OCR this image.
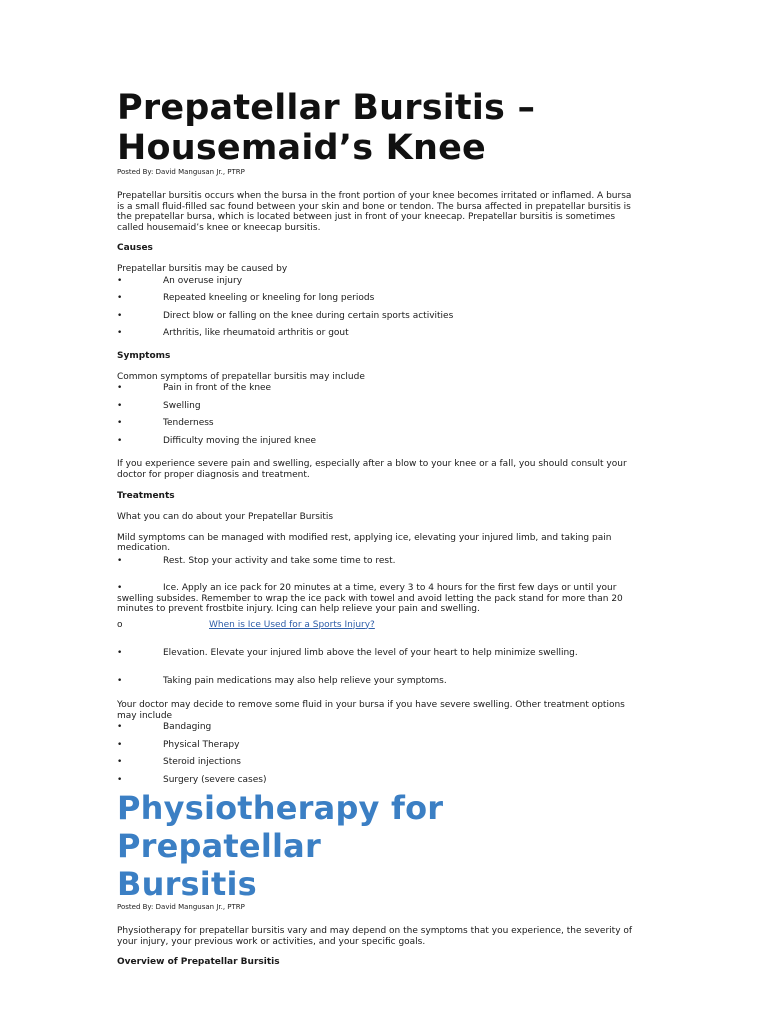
Prepatellar Bursitis –
Housemaid’s Knee
Posted By: David Mangusan Jr., PTRP

Prepatellar bursitis occurs when the bursa in the front portion of your knee becomes irritated or inflamed. A bursa is a small fluid-filled sac found between your skin and bone or tendon. The bursa affected in prepatellar bursitis is the prepatellar bursa, which is located between just in front of your kneecap. Prepatellar bursitis is sometimes called housemaid’s knee or kneecap bursitis.

Causes

Prepatellar bursitis may be caused by

•	An overuse injury
•	Repeated kneeling or kneeling for long periods
•	Direct blow or falling on the knee during certain sports activities
•	Arthritis, like rheumatoid arthritis or gout
Symptoms

Common symptoms of prepatellar bursitis may include

•	Pain in front of the knee
•	Swelling
•	Tenderness
•	Difficulty moving the injured knee

If you experience severe pain and swelling, especially after a blow to your knee or a fall, you should consult your doctor for proper diagnosis and treatment.

Treatments

What you can do about your Prepatellar Bursitis

Mild symptoms can be managed with modified rest, applying ice, elevating your injured limb, and taking pain medication.

•	Rest. Stop your activity and take some time to rest.
•	Ice. Apply an ice pack for 20 minutes at a time, every 3 to 4 hours for the first few days or until your swelling subsides. Remember to wrap the ice pack with towel and avoid letting the pack stand for more than 20 minutes to prevent frostbite injury. Icing can help relieve your pain and swelling.
o	When is Ice Used for a Sports Injury?
•	Elevation. Elevate your injured limb above the level of your heart to help minimize swelling.
•	Taking pain medications may also help relieve your symptoms.

Your doctor may decide to remove some fluid in your bursa if you have severe swelling. Other treatment options may include

•	Bandaging
•	Physical Therapy
•	Steroid injections
•	Surgery (severe cases)
Physiotherapy for Prepatellar
Bursitis
Posted By: David Mangusan Jr., PTRP

Physiotherapy for prepatellar bursitis vary and may depend on the symptoms that you experience, the severity of your injury, your previous work or activities, and your specific goals.

Overview of Prepatellar Bursitis
